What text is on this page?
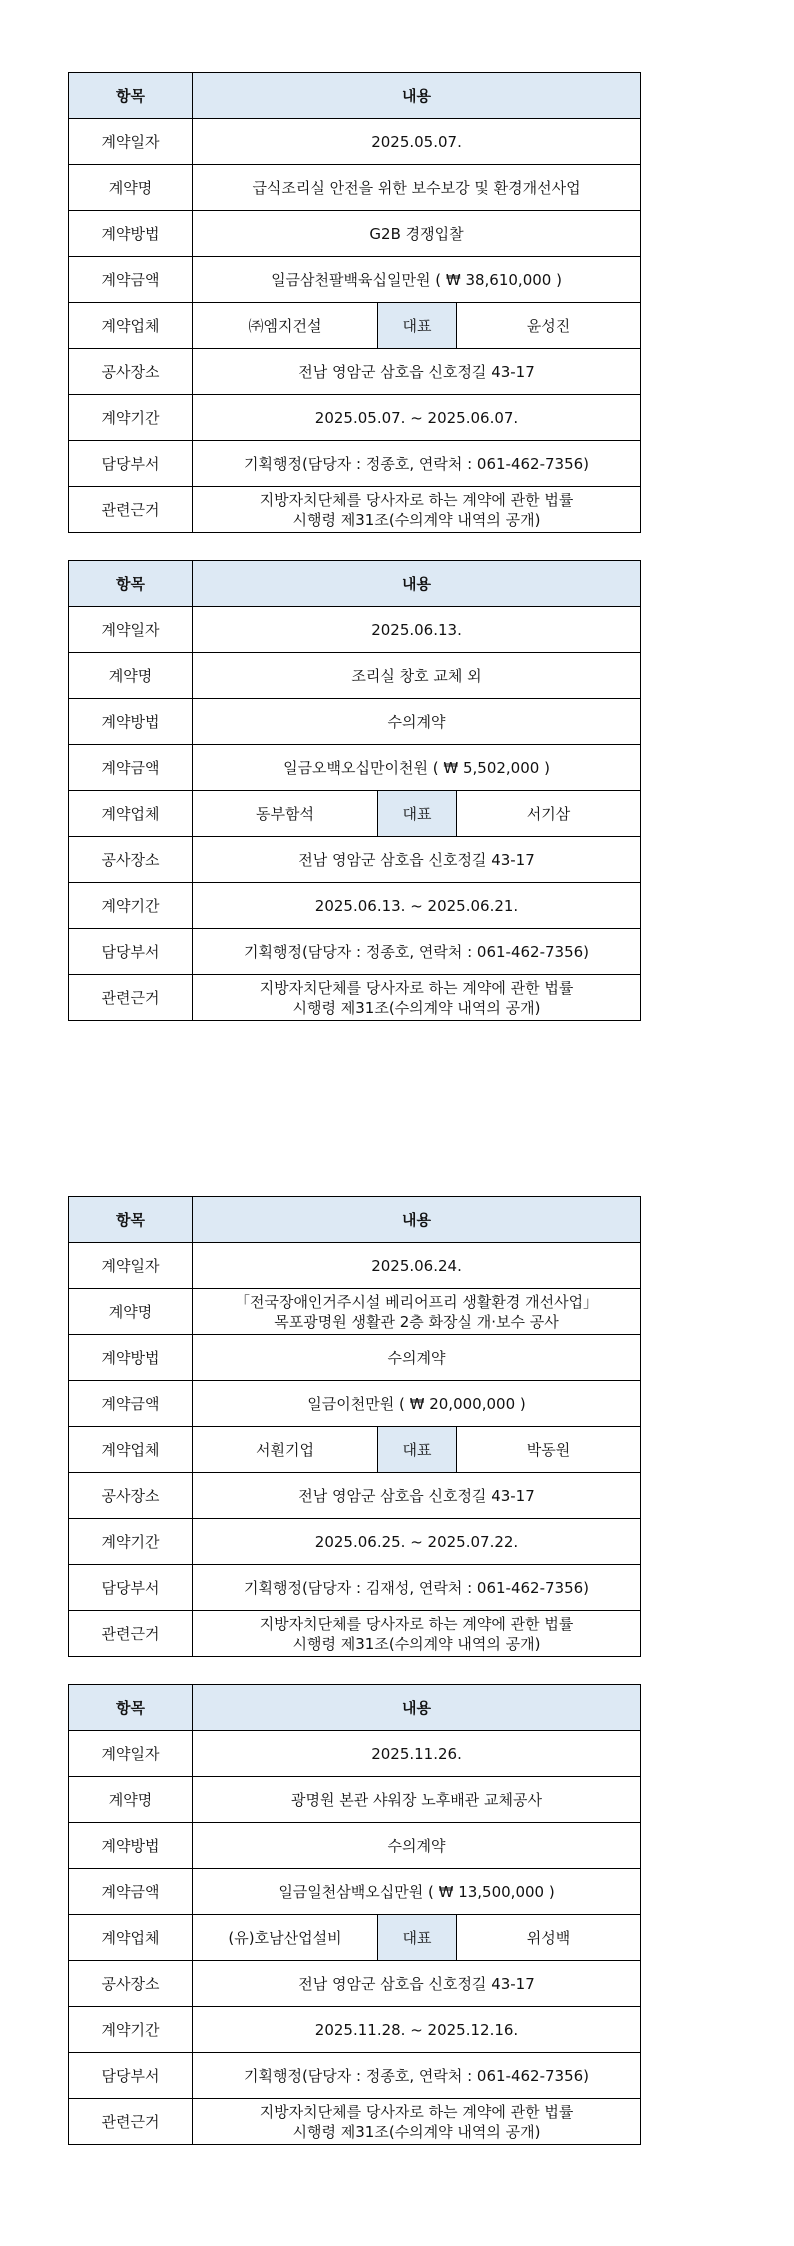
항목	내용		
계약일자	2025.05.07.		
계약명	급식조리실 안전을 위한 보수보강 및 환경개선사업		

계약방법	G2B 경쟁입찰		
계약금액	일금삼천팔백육십일만원 ( ₩ 38,610,000 )		
계약업체	㈜엠지건설	대표	윤성진
공사장소	전남 영암군 삼호읍 신호정길 43-17		
계약기간	2025.05.07. ~ 2025.06.07.		
담당부서	기획행정(담당자 : 정종호, 연락처 : 061-462-7356)		
관련근거	지방자치단체를 당사자로 하는 계약에 관한 법률
시행령 제31조(수의계약 내역의 공개)		
항목	내용		
계약일자	2025.06.13.		
계약명	조리실 창호 교체 외		

계약방법	수의계약		
계약금액	일금오백오십만이천원 ( ₩ 5,502,000 )		
계약업체	동부함석	대표	서기삼
공사장소	전남 영암군 삼호읍 신호정길 43-17		
계약기간	2025.06.13. ~ 2025.06.21.		
담당부서	기획행정(담당자 : 정종호, 연락처 : 061-462-7356)		
관련근거	지방자치단체를 당사자로 하는 계약에 관한 법률
시행령 제31조(수의계약 내역의 공개)		
항목	내용		
계약일자	2025.06.24.		
계약명	「전국장애인거주시설 베리어프리 생활환경 개선사업」
목포광명원 생활관 2층 화장실 개·보수 공사		

계약방법	수의계약		
계약금액	일금이천만원 ( ₩ 20,000,000 )		
계약업체	서훤기업	대표	박동원
공사장소	전남 영암군 삼호읍 신호정길 43-17		
계약기간	2025.06.25. ~ 2025.07.22.		
담당부서	기획행정(담당자 : 김재성, 연락처 : 061-462-7356)		
관련근거	지방자치단체를 당사자로 하는 계약에 관한 법률
시행령 제31조(수의계약 내역의 공개)		
항목	내용		
계약일자	2025.11.26.		
계약명	광명원 본관 샤워장 노후배관 교체공사		

계약방법	수의계약		
계약금액	일금일천삼백오십만원 ( ₩ 13,500,000 )		
계약업체	(유)호남산업설비	대표	위성백
공사장소	전남 영암군 삼호읍 신호정길 43-17		
계약기간	2025.11.28. ~ 2025.12.16.		
담당부서	기획행정(담당자 : 정종호, 연락처 : 061-462-7356)		
관련근거	지방자치단체를 당사자로 하는 계약에 관한 법률
시행령 제31조(수의계약 내역의 공개)		
